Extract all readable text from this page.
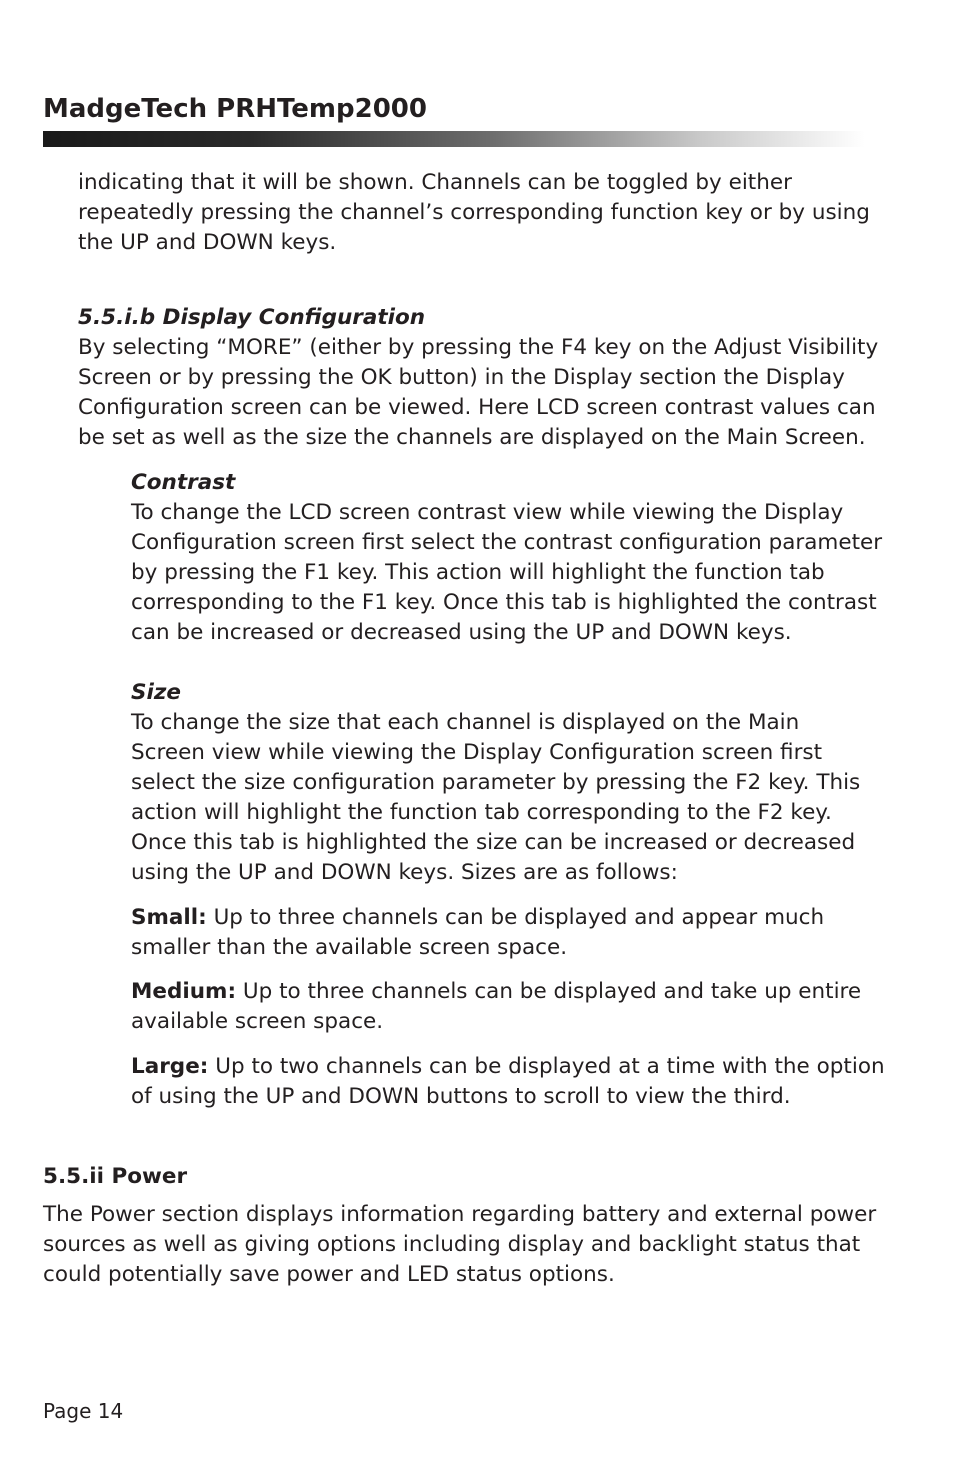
MadgeTech PRHTemp2000

indicating that it will be shown. Channels can be toggled by either
repeatedly pressing the channel’s corresponding function key or by using
the UP and DOWN keys.

5.5.i.b Display Configuration

By selecting “MORE” (either by pressing the F4 key on the Adjust Visibility
Screen or by pressing the OK button) in the Display section the Display
Configuration screen can be viewed. Here LCD screen contrast values can
be set as well as the size the channels are displayed on the Main Screen.

Contrast

To change the LCD screen contrast view while viewing the Display
Configuration screen first select the contrast configuration parameter
by pressing the F1 key. This action will highlight the function tab
corresponding to the F1 key. Once this tab is highlighted the contrast
can be increased or decreased using the UP and DOWN keys.

Size

To change the size that each channel is displayed on the Main
Screen view while viewing the Display Configuration screen first
select the size configuration parameter by pressing the F2 key. This
action will highlight the function tab corresponding to the F2 key.
Once this tab is highlighted the size can be increased or decreased
using the UP and DOWN keys. Sizes are as follows:

Small: Up to three channels can be displayed and appear much
smaller than the available screen space.

Medium: Up to three channels can be displayed and take up entire
available screen space.

Large: Up to two channels can be displayed at a time with the option
of using the UP and DOWN buttons to scroll to view the third.

5.5.ii Power

The Power section displays information regarding battery and external power
sources as well as giving options including display and backlight status that
could potentially save power and LED status options.

Page 14
